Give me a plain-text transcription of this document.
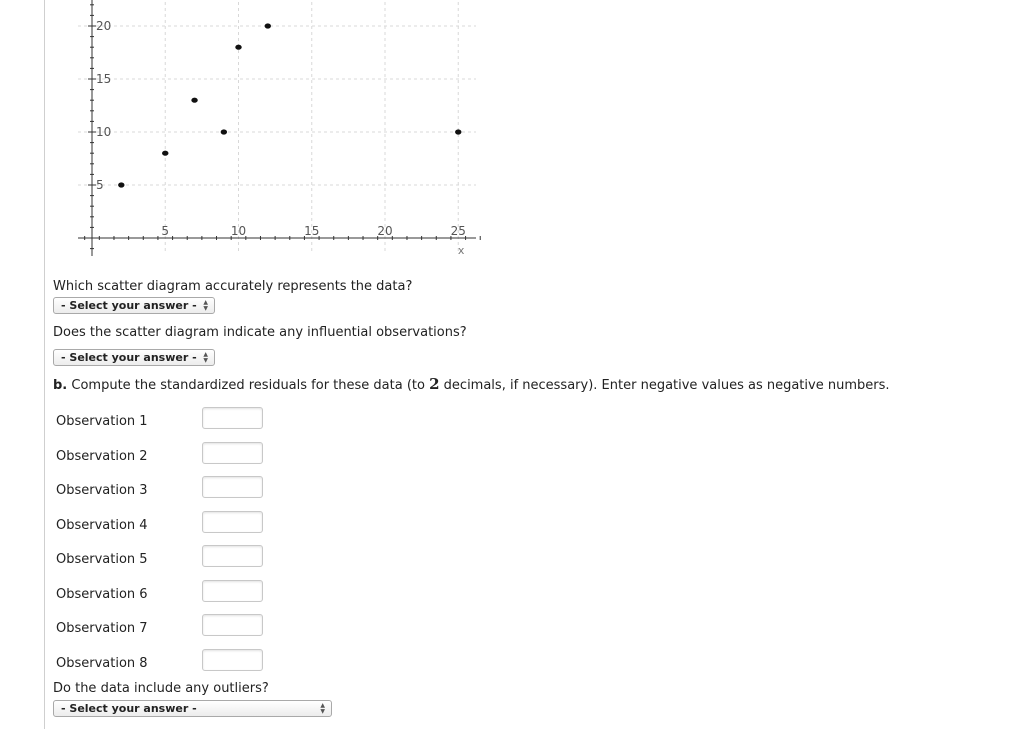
5	10	15	20	25
5
10
15
20
x
Which scatter diagram accurately represents the data?
- Select your answer - ▲
▼
Does the scatter diagram indicate any influential observations?
- Select your answer - ▲
▼
b. Compute the standardized residuals for these data (to 2 decimals, if necessary). Enter negative values as negative numbers.
Observation 1
Observation 2
Observation 3
Observation 4
Observation 5
Observation 6
Observation 7
Observation 8
Do the data include any outliers?
- Select your answer -	▲
▼
